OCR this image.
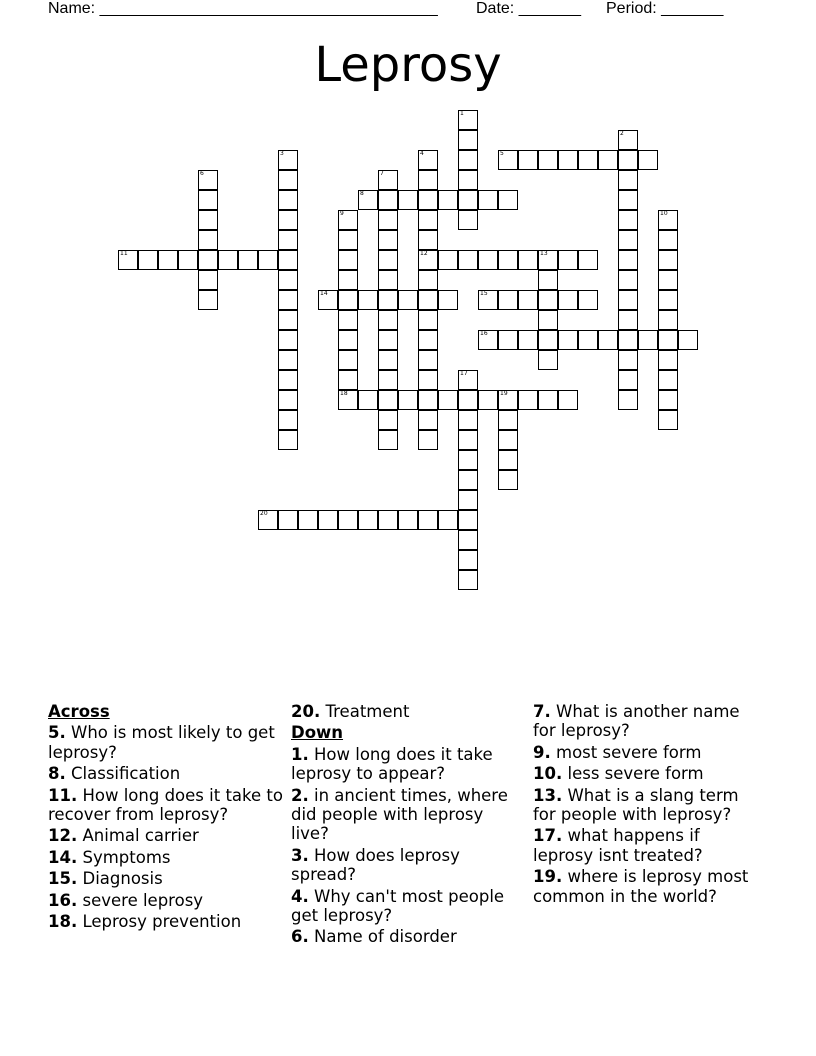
Name: ______________________________________ Date: _______ Period: _______
Leprosy
1
2
3	4
12
6	7
9
18
10
13
17
19
5
8
11
14	15
16
20
Across
5. Who is most likely to get leprosy?
8. Classification
11. How long does it take to recover from leprosy?
12. Animal carrier
14. Symptoms
15. Diagnosis
16. severe leprosy
18. Leprosy prevention
20. Treatment
Down
1. How long does it take leprosy to appear?
2. in ancient times, where did people with leprosy live?
3. How does leprosy spread?
4. Why can't most people get leprosy?
6. Name of disorder
7. What is another name for leprosy?
9. most severe form
10. less severe form
13. What is a slang term for people with leprosy?
17. what happens if leprosy isnt treated?
19. where is leprosy most common in the world?
